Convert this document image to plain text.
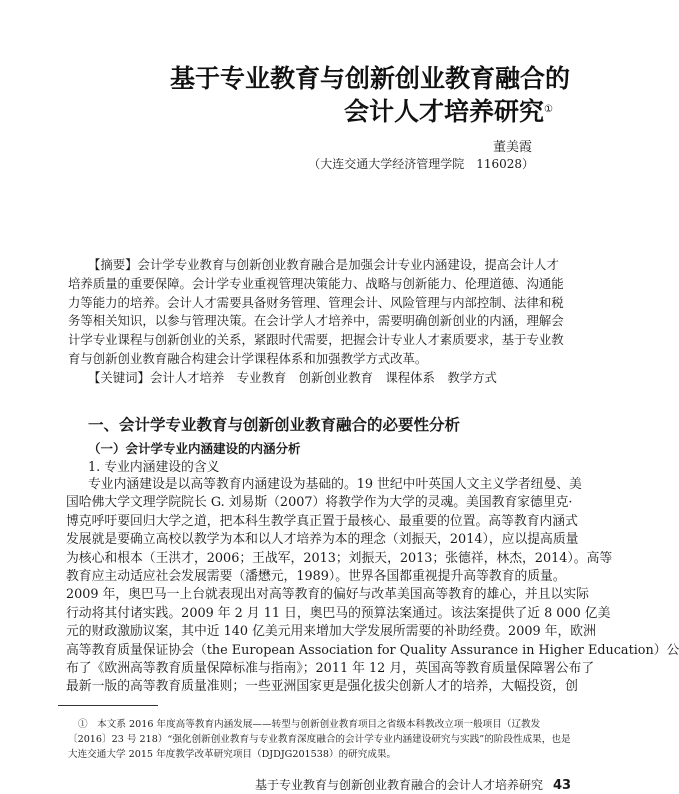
基于专业教育与创新创业教育融合的
会计人才培养研究①
董美霞
（大连交通大学经济管理学院　116028）
【摘要】会计学专业教育与创新创业教育融合是加强会计专业内涵建设，提高会计人才
培养质量的重要保障。会计学专业重视管理决策能力、战略与创新能力、伦理道德、沟通能
力等能力的培养。会计人才需要具备财务管理、管理会计、风险管理与内部控制、法律和税
务等相关知识，以参与管理决策。在会计学人才培养中，需要明确创新创业的内涵，理解会
计学专业课程与创新创业的关系，紧跟时代需要，把握会计专业人才素质要求，基于专业教
育与创新创业教育融合构建会计学课程体系和加强教学方式改革。
【关键词】会计人才培养　专业教育　创新创业教育　课程体系　教学方式
一、会计学专业教育与创新创业教育融合的必要性分析
（一）会计学专业内涵建设的内涵分析
1. 专业内涵建设的含义
专业内涵建设是以高等教育内涵建设为基础的。19 世纪中叶英国人文主义学者纽曼、美
国哈佛大学文理学院院长 G. 刘易斯（2007）将教学作为大学的灵魂。美国教育家德里克·
博克呼吁要回归大学之道，把本科生教学真正置于最核心、最重要的位置。高等教育内涵式
发展就是要确立高校以教学为本和以人才培养为本的理念（刘振天，2014），应以提高质量
为核心和根本（王洪才，2006；王战军，2013；刘振天，2013；张德祥，林杰，2014）。高等
教育应主动适应社会发展需要（潘懋元，1989）。世界各国都重视提升高等教育的质量。
2009 年，奥巴马一上台就表现出对高等教育的偏好与改革美国高等教育的雄心，并且以实际
行动将其付诸实践。2009 年 2 月 11 日，奥巴马的预算法案通过。该法案提供了近 8 000 亿美
元的财政激励议案，其中近 140 亿美元用来增加大学发展所需要的补助经费。2009 年，欧洲
高等教育质量保证协会（the European Association for Quality Assurance in Higher Education）公
布了《欧洲高等教育质量保障标准与指南》；2011 年 12 月，英国高等教育质量保障署公布了
最新一版的高等教育质量准则；一些亚洲国家更是强化拔尖创新人才的培养，大幅投资，创
①　本文系 2016 年度高等教育内涵发展——转型与创新创业教育项目之省级本科教改立项一般项目（辽教发
〔2016〕23 号 218）“强化创新创业教育与专业教育深度融合的会计学专业内涵建设研究与实践”的阶段性成果，也是
大连交通大学 2015 年度教学改革研究项目（DJDJG201538）的研究成果。
基于专业教育与创新创业教育融合的会计人才培养研究 43
